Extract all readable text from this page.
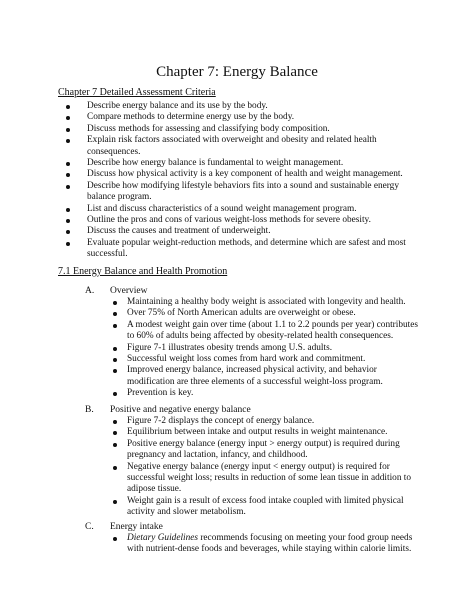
Chapter 7: Energy Balance
Chapter 7 Detailed Assessment Criteria
Describe energy balance and its use by the body.
Compare methods to determine energy use by the body.
Discuss methods for assessing and classifying body composition.
Explain risk factors associated with overweight and obesity and related health consequences.
Describe how energy balance is fundamental to weight management.
Discuss how physical activity is a key component of health and weight management.
Describe how modifying lifestyle behaviors fits into a sound and sustainable energy balance program.
List and discuss characteristics of a sound weight management program.
Outline the pros and cons of various weight-loss methods for severe obesity.
Discuss the causes and treatment of underweight.
Evaluate popular weight-reduction methods, and determine which are safest and most successful.
7.1 Energy Balance and Health Promotion
A. Overview
Maintaining a healthy body weight is associated with longevity and health.
Over 75% of North American adults are overweight or obese.
A modest weight gain over time (about 1.1 to 2.2 pounds per year) contributes to 60% of adults being affected by obesity-related health consequences.
Figure 7-1 illustrates obesity trends among U.S. adults.
Successful weight loss comes from hard work and commitment.
Improved energy balance, increased physical activity, and behavior modification are three elements of a successful weight-loss program.
Prevention is key.
B. Positive and negative energy balance
Figure 7-2 displays the concept of energy balance.
Equilibrium between intake and output results in weight maintenance.
Positive energy balance (energy input > energy output) is required during pregnancy and lactation, infancy, and childhood.
Negative energy balance (energy input < energy output) is required for successful weight loss; results in reduction of some lean tissue in addition to adipose tissue.
Weight gain is a result of excess food intake coupled with limited physical activity and slower metabolism.
C. Energy intake
Dietary Guidelines recommends focusing on meeting your food group needs with nutrient-dense foods and beverages, while staying within calorie limits.
